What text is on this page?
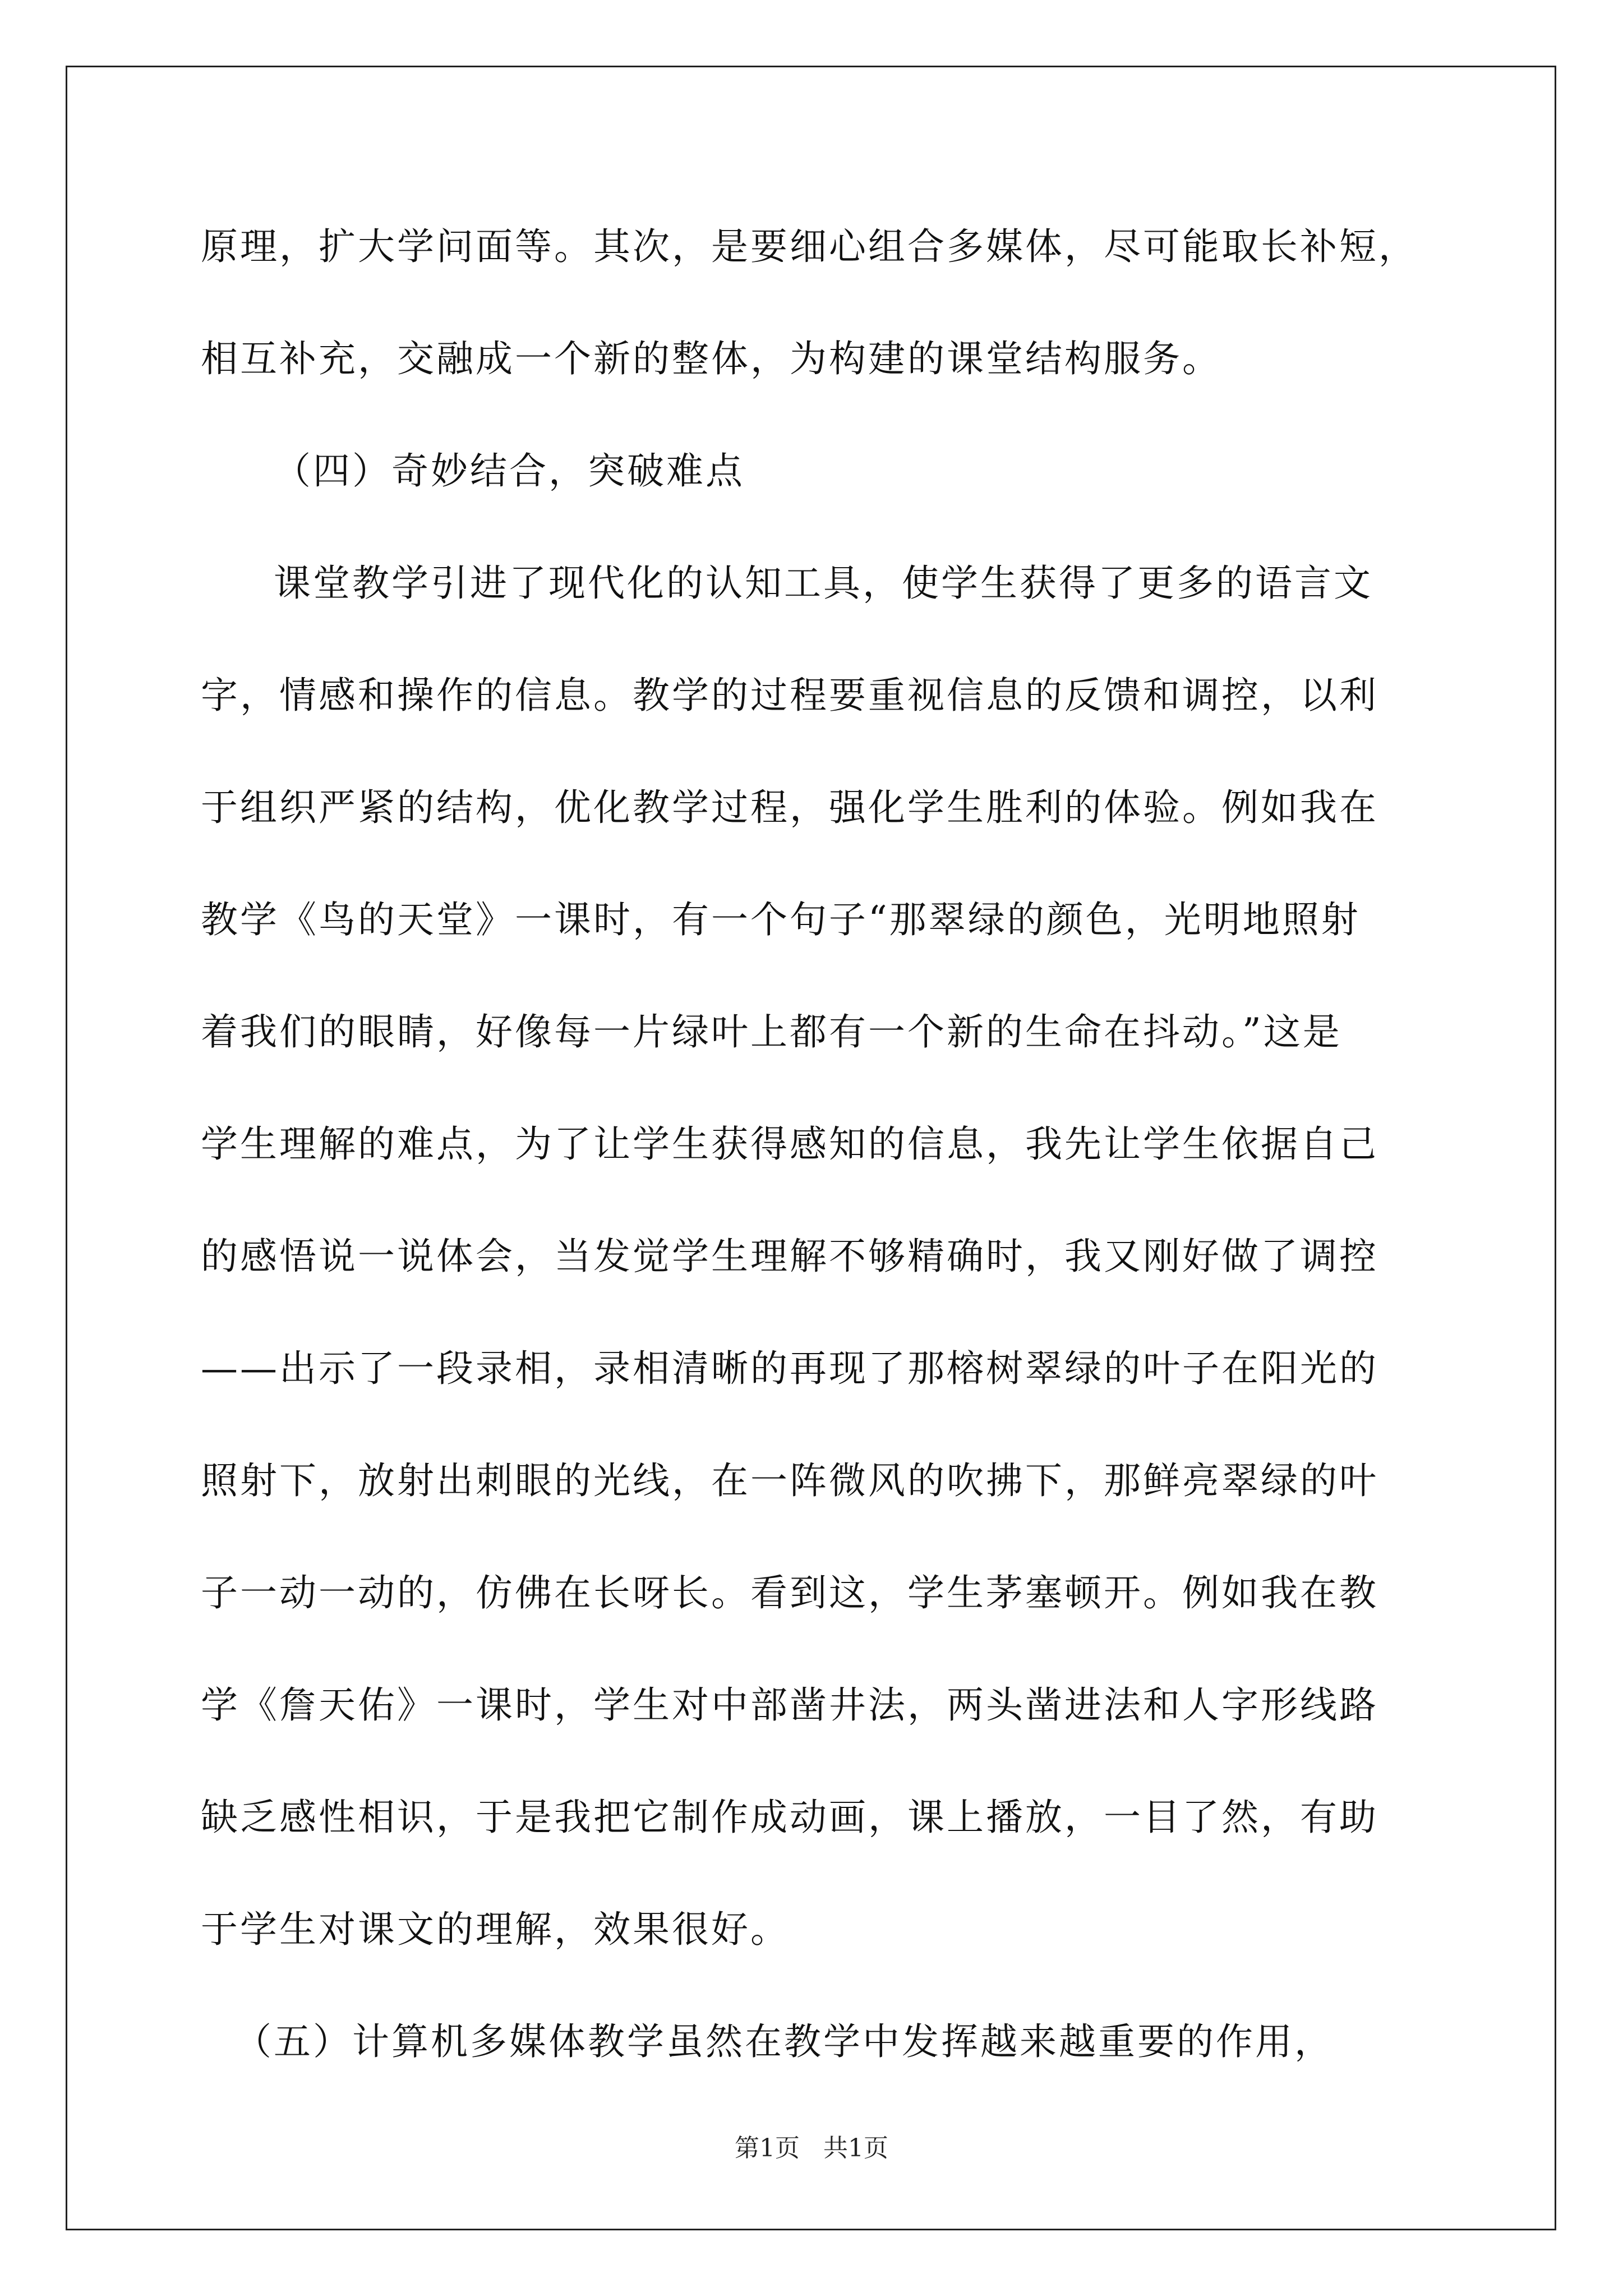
原理，扩大学问面等。其次，是要细心组合多媒体，尽可能取长补短，
相互补充，交融成一个新的整体，为构建的课堂结构服务。
（四）奇妙结合，突破难点
课堂教学引进了现代化的认知工具，使学生获得了更多的语言文
字，情感和操作的信息。教学的过程要重视信息的反馈和调控，以利
于组织严紧的结构，优化教学过程，强化学生胜利的体验。例如我在
教学《鸟的天堂》一课时，有一个句子“那翠绿的颜色，光明地照射
着我们的眼睛，好像每一片绿叶上都有一个新的生命在抖动。”这是
学生理解的难点，为了让学生获得感知的信息，我先让学生依据自己
的感悟说一说体会，当发觉学生理解不够精确时，我又刚好做了调控
——出示了一段录相，录相清晰的再现了那榕树翠绿的叶子在阳光的
照射下，放射出刺眼的光线，在一阵微风的吹拂下，那鲜亮翠绿的叶
子一动一动的，仿佛在长呀长。看到这，学生茅塞顿开。例如我在教
学《詹天佑》一课时，学生对中部凿井法，两头凿进法和人字形线路
缺乏感性相识，于是我把它制作成动画，课上播放，一目了然，有助
于学生对课文的理解，效果很好。
（五）计算机多媒体教学虽然在教学中发挥越来越重要的作用，
第1页   共1页
